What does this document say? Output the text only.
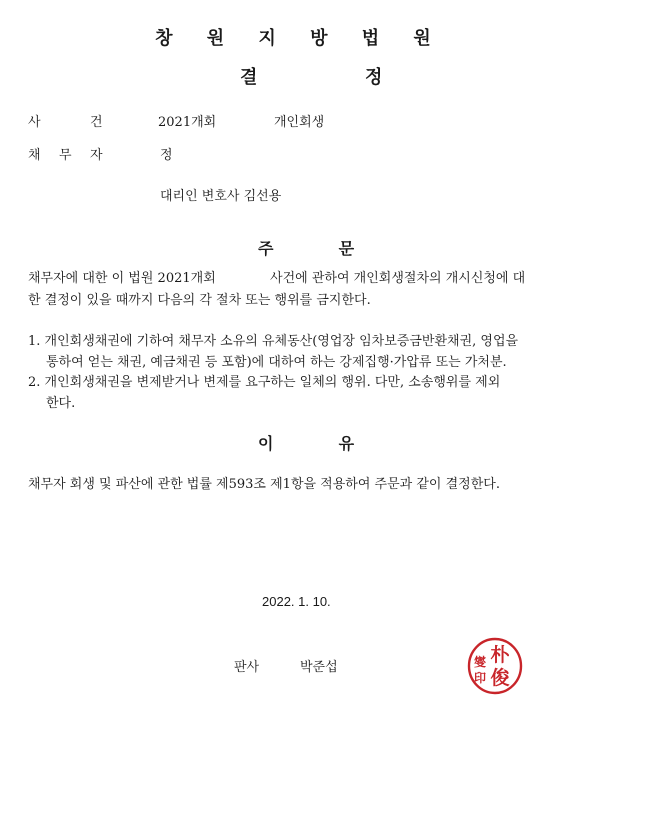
창 원 지 방 법 원
결	정
사	건	2021개회	개인회생
채 무 자	정
대리인 변호사 김선용
주	문
채무자에 대한 이 법원 2021개회	사건에 관하여 개인회생절차의 개시신청에 대
한 결정이 있을 때까지 다음의 각 절차 또는 행위를 금지한다.
1. 개인회생채권에 기하여 채무자 소유의 유체동산(영업장 임차보증금반환채권, 영업을
통하여 얻는 채권, 예금채권 등 포함)에 대하여 하는 강제집행·가압류 또는 가처분.
2. 개인회생채권을 변제받거나 변제를 요구하는 일체의 행위. 다만, 소송행위를 제외
한다.
이	유
채무자 회생 및 파산에 관한 법률 제593조 제1항을 적용하여 주문과 같이 결정한다.
2022. 1. 10.
판사	박준섭
朴
俊
燮
印
